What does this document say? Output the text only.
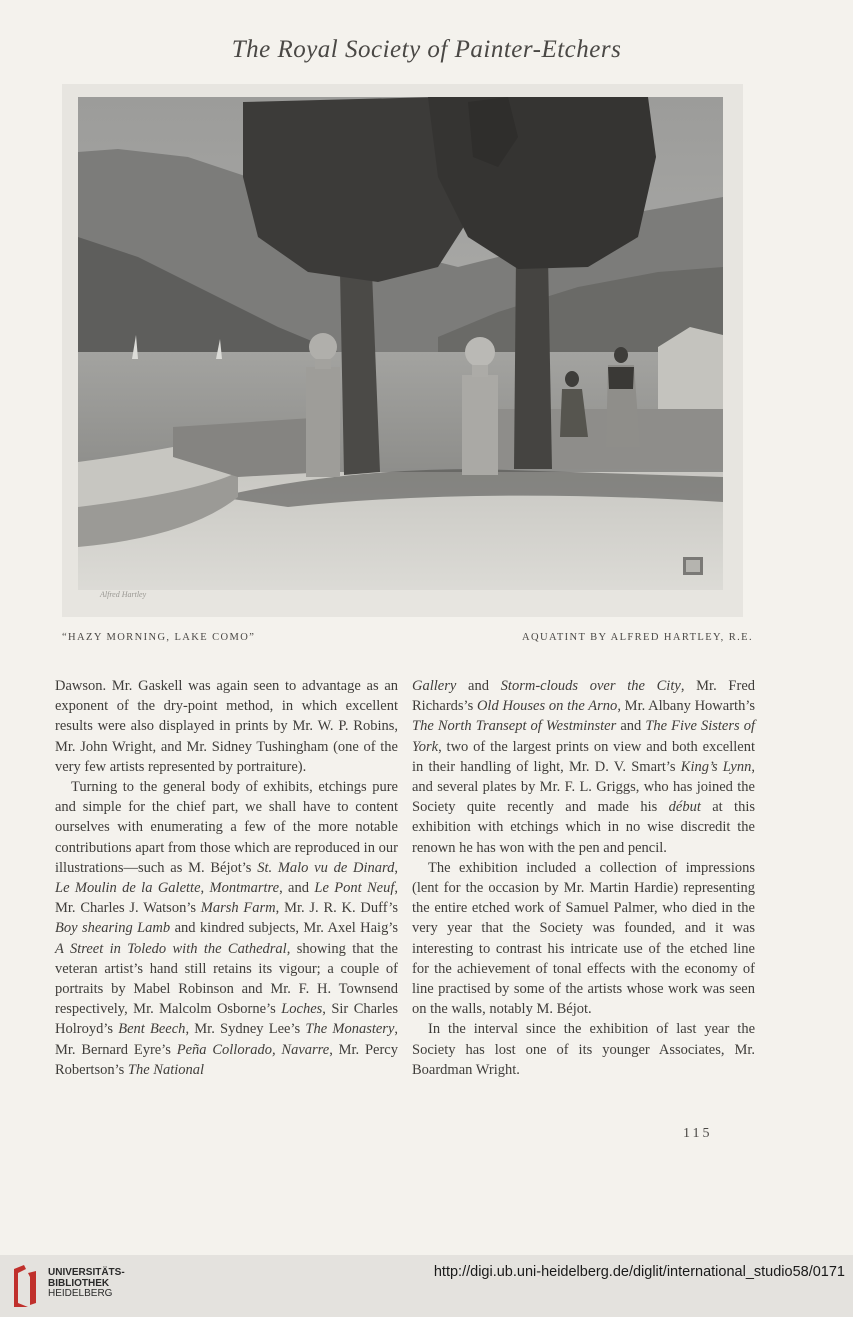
The Royal Society of Painter-Etchers
Alfred Hartley
“HAZY MORNING, LAKE COMO”	AQUATINT BY ALFRED HARTLEY, R.E.

Dawson. Mr. Gaskell was again seen to advantage as an exponent of the dry-point method, in which excellent results were also displayed in prints by Mr. W. P. Robins, Mr. John Wright, and Mr. Sidney Tushingham (one of the very few artists represented by portraiture).

Turning to the general body of exhibits, etchings pure and simple for the chief part, we shall have to content ourselves with enumerating a few of the more notable contributions apart from those which are reproduced in our illustrations—such as M. Béjot’s St. Malo vu de Dinard, Le Moulin de la Galette, Montmartre, and Le Pont Neuf, Mr. Charles J. Watson’s Marsh Farm, Mr. J. R. K. Duff’s Boy shearing Lamb and kindred subjects, Mr. Axel Haig’s A Street in Toledo with the Cathedral, showing that the veteran artist’s hand still retains its vigour; a couple of portraits by Mabel Robinson and Mr. F. H. Townsend respectively, Mr. Malcolm Osborne’s Loches, Sir Charles Holroyd’s Bent Beech, Mr. Sydney Lee’s The Monastery, Mr. Bernard Eyre’s Peña Collorado, Navarre, Mr. Percy Robertson’s The National

Gallery and Storm-clouds over the City, Mr. Fred Richards’s Old Houses on the Arno, Mr. Albany Howarth’s The North Transept of Westminster and The Five Sisters of York, two of the largest prints on view and both excellent in their handling of light, Mr. D. V. Smart’s King’s Lynn, and several plates by Mr. F. L. Griggs, who has joined the Society quite recently and made his début at this exhibition with etchings which in no wise discredit the renown he has won with the pen and pencil.

The exhibition included a collection of impressions (lent for the occasion by Mr. Martin Hardie) representing the entire etched work of Samuel Palmer, who died in the very year that the Society was founded, and it was interesting to contrast his intricate use of the etched line for the achievement of tonal effects with the economy of line practised by some of the artists whose work was seen on the walls, notably M. Béjot.

In the interval since the exhibition of last year the Society has lost one of its younger Associates, Mr. Boardman Wright.

115
UNIVERSITÄTS-
BIBLIOTHEK
HEIDELBERG
http://digi.ub.uni-heidelberg.de/diglit/international_studio58/0171
